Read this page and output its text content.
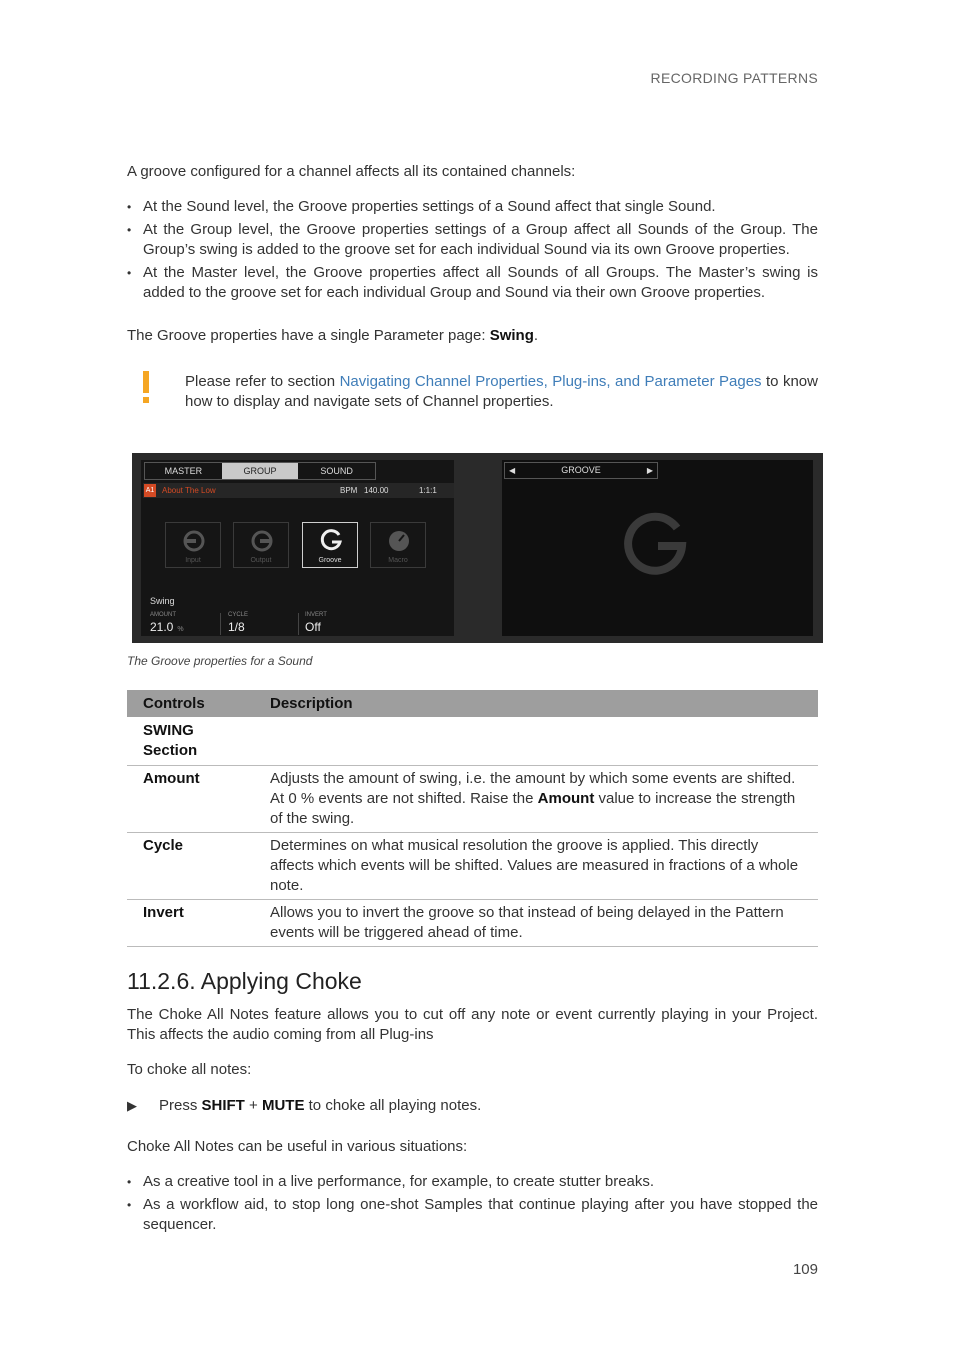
RECORDING PATTERNS

A groove configured for a channel affects all its contained channels:

• At the Sound level, the Groove properties settings of a Sound affect that single Sound.
• At the Group level, the Groove properties settings of a Group affect all Sounds of the Group. The Group’s swing is added to the groove set for each individual Sound via its own Groove properties.
• At the Master level, the Groove properties affect all Sounds of all Groups. The Master’s swing is added to the groove set for each individual Group and Sound via their own Groove properties.

The Groove properties have a single Parameter page: Swing.

Please refer to section Navigating Channel Properties, Plug-ins, and Parameter Pages to know how to display and navigate sets of Channel properties.

MASTER	GROUP	SOUND
A1 About The Low	BPM 140.00	1:1:1
Input	Output	Groove	Macro
Swing
AMOUNT
21.0 %
CYCLE
1/8
INVERT
Off
◀	GROOVE	▶
The Groove properties for a Sound
Controls	Description
SWING Section
Amount	Adjusts the amount of swing, i.e. the amount by which some events are shifted. At 0 % events are not shifted. Raise the Amount value to increase the strength of the swing.
Cycle	Determines on what musical resolution the groove is applied. This directly affects which events will be shifted. Values are measured in fractions of a whole note.
Invert	Allows you to invert the groove so that instead of being delayed in the Pattern events will be triggered ahead of time.
11.2.6. Applying Choke

The Choke All Notes feature allows you to cut off any note or event currently playing in your Project. This affects the audio coming from all Plug-ins

To choke all notes:

▶ Press SHIFT + MUTE to choke all playing notes.

Choke All Notes can be useful in various situations:

• As a creative tool in a live performance, for example, to create stutter breaks.
• As a workflow aid, to stop long one-shot Samples that continue playing after you have stopped the sequencer.
109
